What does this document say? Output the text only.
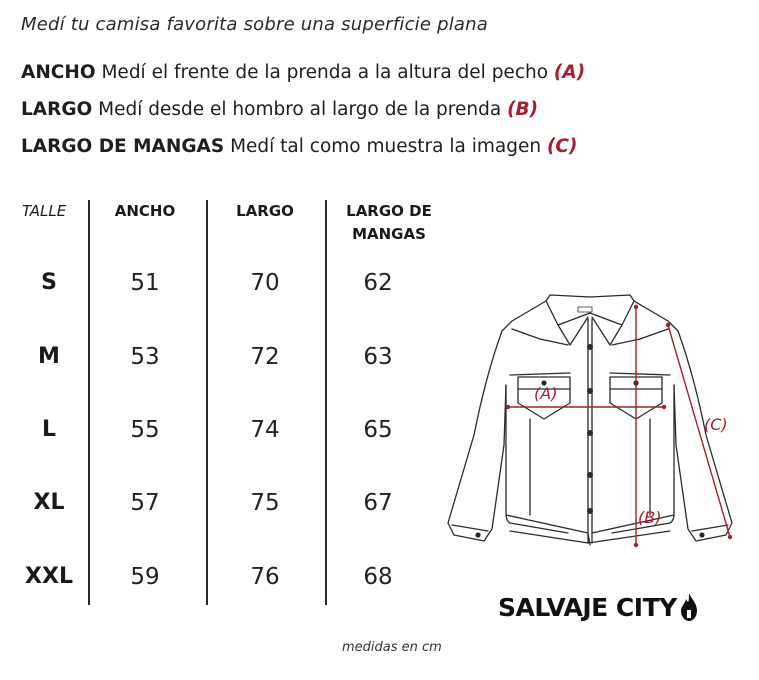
Medí tu camisa favorita sobre una superficie plana
ANCHO Medí el frente de la prenda a la altura del pecho (A)
LARGO Medí desde el hombro al largo de la prenda (B)
LARGO DE MANGAS Medí tal como muestra la imagen (C)
TALLE	ANCHO	LARGO	LARGO DE
MANGAS
S	51	70	62
M	53	72	63
L	55	74	65
XL	57	75	67
XXL	59	76	68
(A)
(B)
(C)
SALVAJE CITY
medidas en cm
